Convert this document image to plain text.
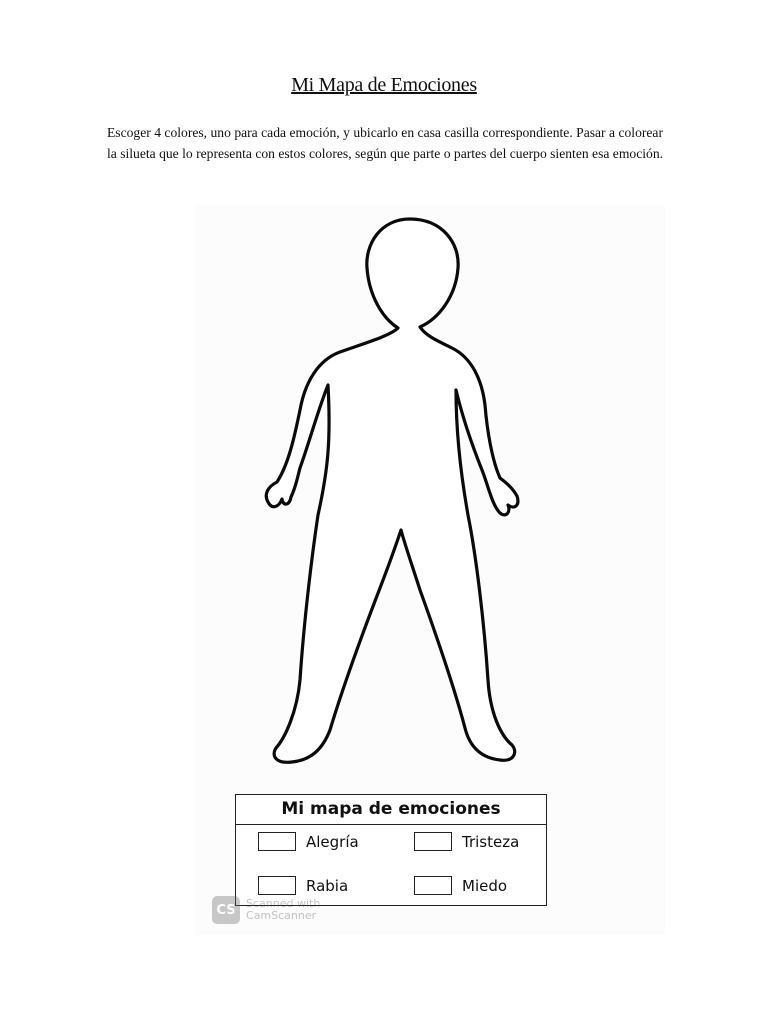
Mi Mapa de Emociones
Escoger 4 colores, uno para cada emoción, y ubicarlo en casa casilla correspondiente. Pasar a colorear la silueta que lo representa con estos colores, según que parte o partes del cuerpo sienten esa emoción.
Mi mapa de emociones
Alegría	Tristeza
Rabia	Miedo
CS Scanned with
CamScanner
